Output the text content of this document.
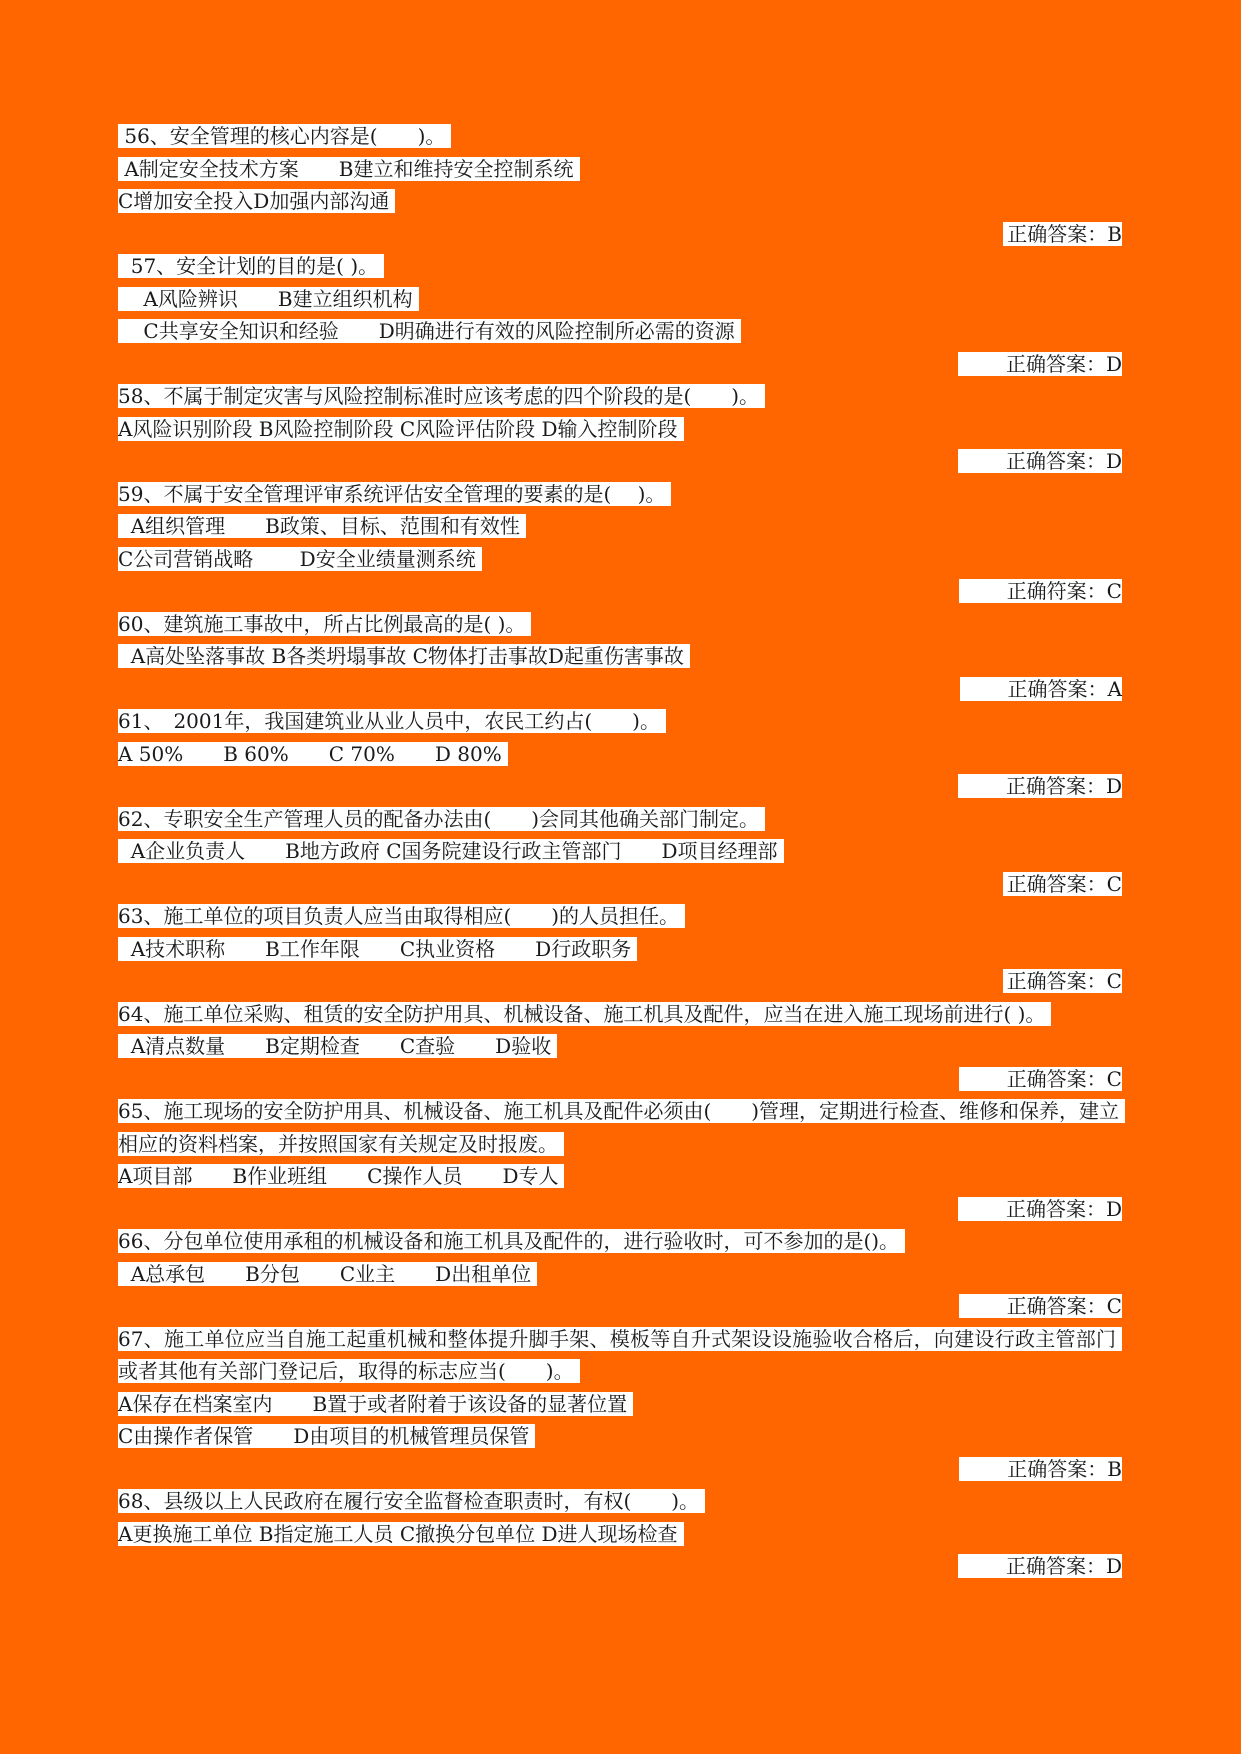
56、安全管理的核心内容是(　　)。
A制定安全技术方案　　B建立和维持安全控制系统
C增加安全投入D加强内部沟通
正确答案：B
57、安全计划的目的是( )。
A风险辨识　　B建立组织机构
C共享安全知识和经验　　D明确进行有效的风险控制所必需的资源
正确答案：D
58、不属于制定灾害与风险控制标准时应该考虑的四个阶段的是(　　)。
A风险识别阶段 B风险控制阶段 C风险评估阶段 D输入控制阶段
正确答案：D
59、不属于安全管理评审系统评估安全管理的要素的是(　 )。
A组织管理　　B政策、目标、范围和有效性
C公司营销战略　　 D安全业绩量测系统
正确符案：C
60、建筑施工事故中，所占比例最高的是( )。
A高处坠落事故 B各类坍塌事故 C物体打击事故D起重伤害事故
正确答案：A
61、　2001年，我国建筑业从业人员中，农民工约占(　　)。
A 50%　　B 60%　　C 70%　　D 80%
正确答案：D
62、专职安全生产管理人员的配备办法由(　　)会同其他确关部门制定。
A企业负责人　　B地方政府 C国务院建设行政主管部门　　D项目经理部
正确答案：C
63、施工单位的项目负责人应当由取得相应(　　)的人员担任。
A技术职称　　B工作年限　　C执业资格　　D行政职务
正确答案：C
64、施工单位采购、租赁的安全防护用具、机械设备、施工机具及配件，应当在进入施工现场前进行( )。
A清点数量　　B定期检查　　C查验　　D验收
正确答案：C
65、施工现场的安全防护用具、机械设备、施工机具及配件必须由(　　)管理，定期进行检查、维修和保养，建立相应的资料档案，并按照国家有关规定及时报废。
A项目部　　B作业班组　　C操作人员　　D专人
正确答案：D
66、分包单位使用承租的机械设备和施工机具及配件的，进行验收时，可不参加的是()。
A总承包　　B分包　　C业主　　D出租单位
正确答案：C
67、施工单位应当自施工起重机械和整体提升脚手架、模板等自升式架设设施验收合格后，向建设行政主管部门或者其他有关部门登记后，取得的标志应当(　　)。
A保存在档案室内　　B置于或者附着于该设备的显著位置
C由操作者保管　　D由项目的机械管理员保管
正确答案：B
68、县级以上人民政府在履行安全监督检查职责时，有权(　　)。
A更换施工单位 B指定施工人员 C撤换分包单位 D进人现场检查
正确答案：D
